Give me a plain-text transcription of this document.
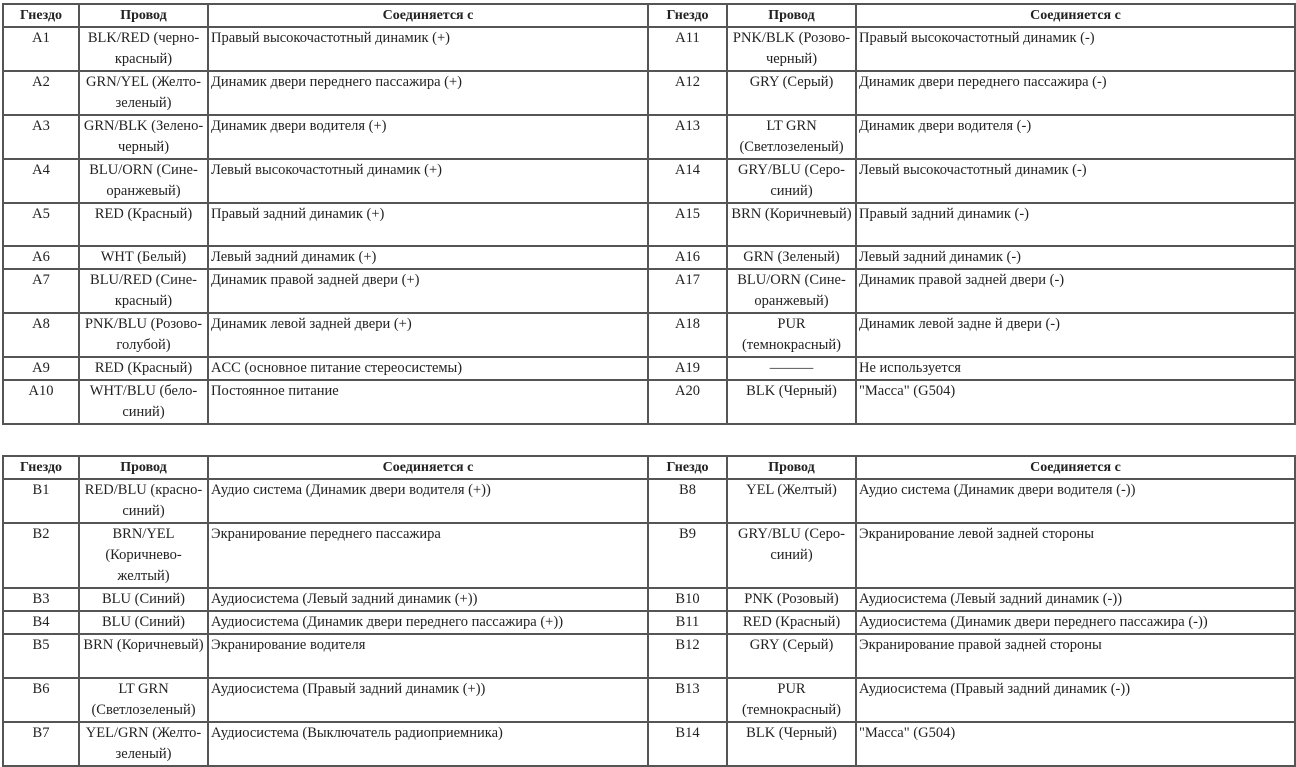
Гнездо	Провод	Соединяется с	Гнездо	Провод	Соединяется с
A1	BLK/RED (черно-красный)	Правый высокочастотный динамик (+)	A11	PNK/BLK (Розово-черный)	Правый высокочастотный динамик (-)
A2	GRN/YEL (Желто-зеленый)	Динамик двери переднего пассажира (+)	A12	GRY (Серый)	Динамик двери переднего пассажира (-)
A3	GRN/BLK (Зелено-черный)	Динамик двери водителя (+)	A13	LT GRN (Светлозеленый)	Динамик двери водителя (-)
A4	BLU/ORN (Сине-оранжевый)	Левый высокочастотный динамик (+)	A14	GRY/BLU (Серо-синий)	Левый высокочастотный динамик (-)
A5	RED (Красный)	Правый задний динамик (+)	A15	BRN (Коричневый)	Правый задний динамик (-)
A6	WHT (Белый)	Левый задний динамик (+)	A16	GRN (Зеленый)	Левый задний динамик (-)
A7	BLU/RED (Сине-красный)	Динамик правой задней двери (+)	A17	BLU/ORN (Сине-оранжевый)	Динамик правой задней двери (-)
A8	PNK/BLU (Розово-голубой)	Динамик левой задней двери (+)	A18	PUR (темнокрасный)	Динамик левой задне й двери (-)
A9	RED (Красный)	ACC (основное питание стереосистемы)	A19	———	Не используется
A10	WHT/BLU (бело-синий)	Постоянное питание	A20	BLK (Черный)	"Масса" (G504)
Гнездо	Провод	Соединяется с	Гнездо	Провод	Соединяется с
B1	RED/BLU (красно-синий)	Аудио система (Динамик двери водителя (+))	B8	YEL (Желтый)	Аудио система (Динамик двери водителя (-))
B2	BRN/YEL (Коричнево-желтый)	Экранирование переднего пассажира	B9	GRY/BLU (Серо-синий)	Экранирование левой задней стороны
B3	BLU (Синий)	Аудиосистема (Левый задний динамик (+))	B10	PNK (Розовый)	Аудиосистема (Левый задний динамик (-))
B4	BLU (Синий)	Аудиосистема (Динамик двери переднего пассажира (+))	B11	RED (Красный)	Аудиосистема (Динамик двери переднего пассажира (-))
B5	BRN (Коричневый)	Экранирование водителя	B12	GRY (Серый)	Экранирование правой задней стороны
B6	LT GRN (Светлозеленый)	Аудиосистема (Правый задний динамик (+))	B13	PUR (темнокрасный)	Аудиосистема (Правый задний динамик (-))
B7	YEL/GRN (Желто-зеленый)	Аудиосистема (Выключатель радиоприемника)	B14	BLK (Черный)	"Масса" (G504)
